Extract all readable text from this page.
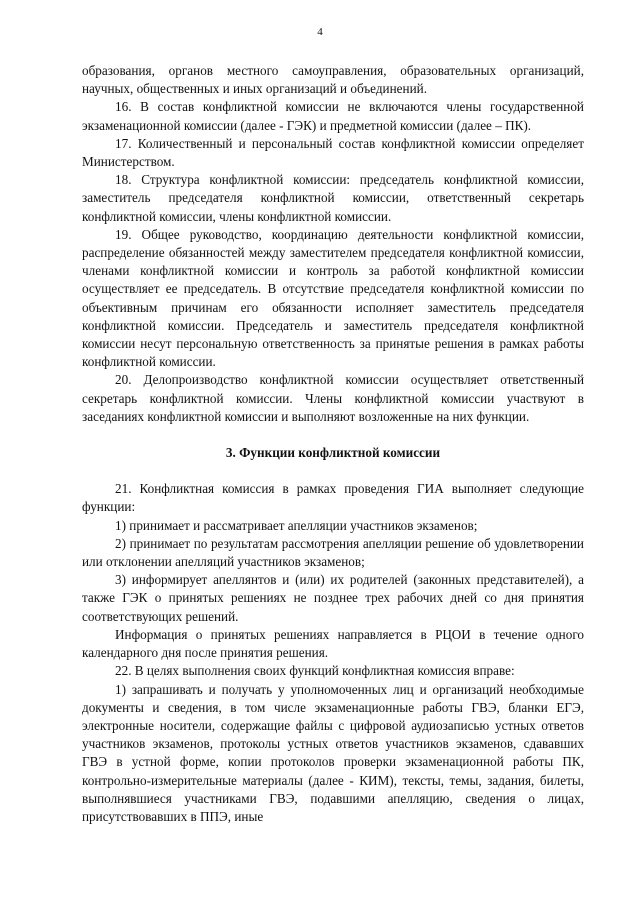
4

образования, органов местного самоуправления, образовательных организаций, научных, общественных и иных организаций и объединений.

16. В состав конфликтной комиссии не включаются члены государственной экзаменационной комиссии (далее - ГЭК) и предметной комиссии (далее – ПК).

17. Количественный и персональный состав конфликтной комиссии определяет Министерством.

18. Структура конфликтной комиссии: председатель конфликтной комиссии, заместитель председателя конфликтной комиссии, ответственный секретарь конфликтной комиссии, члены конфликтной комиссии.

19. Общее руководство, координацию деятельности конфликтной комиссии, распределение обязанностей между заместителем председателя конфликтной комиссии, членами конфликтной комиссии и контроль за работой конфликтной комиссии осуществляет ее председатель. В отсутствие председателя конфликтной комиссии по объективным причинам его обязанности исполняет заместитель председателя конфликтной комиссии. Председатель и заместитель председателя конфликтной комиссии несут персональную ответственность за принятые решения в рамках работы конфликтной комиссии.

20. Делопроизводство конфликтной комиссии осуществляет ответственный секретарь конфликтной комиссии. Члены конфликтной комиссии участвуют в заседаниях конфликтной комиссии и выполняют возложенные на них функции.

3. Функции конфликтной комиссии

21. Конфликтная комиссия в рамках проведения ГИА выполняет следующие функции:

1) принимает и рассматривает апелляции участников экзаменов;

2) принимает по результатам рассмотрения апелляции решение об удовлетворении или отклонении апелляций участников экзаменов;

3) информирует апеллянтов и (или) их родителей (законных представителей), а также ГЭК о принятых решениях не позднее трех рабочих дней со дня принятия соответствующих решений.

Информация о принятых решениях направляется в РЦОИ в течение одного календарного дня после принятия решения.

22. В целях выполнения своих функций конфликтная комиссия вправе:

1) запрашивать и получать у уполномоченных лиц и организаций необходимые документы и сведения, в том числе экзаменационные работы ГВЭ, бланки ЕГЭ, электронные носители, содержащие файлы с цифровой аудиозаписью устных ответов участников экзаменов, протоколы устных ответов участников экзаменов, сдававших ГВЭ в устной форме, копии протоколов проверки экзаменационной работы ПК, контрольно-измерительные материалы (далее - КИМ), тексты, темы, задания, билеты, выполнявшиеся участниками ГВЭ, подавшими апелляцию, сведения о лицах, присутствовавших в ППЭ, иные
